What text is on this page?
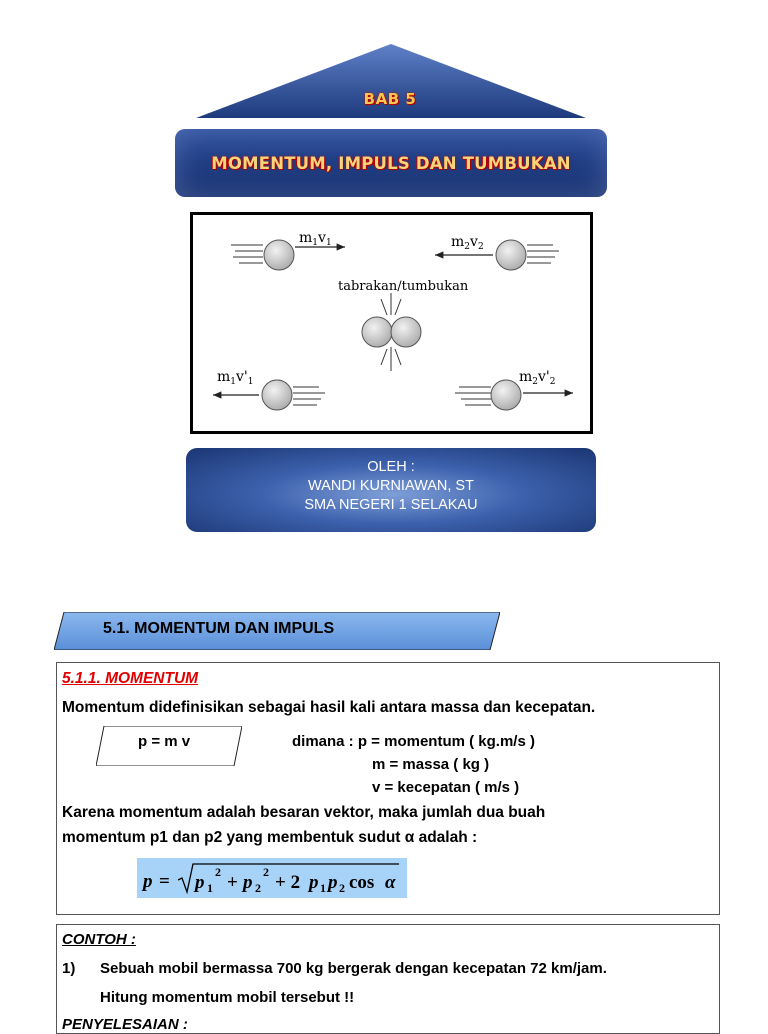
BAB 5
MOMENTUM, IMPULS DAN TUMBUKAN
$m_1v_1$	$m_2v_2$
tabrakan/tumbukan
$m_1v'_1$	$m_2v'_2$
OLEH :
WANDI KURNIAWAN, ST
SMA NEGERI 1 SELAKAU
5.1. MOMENTUM DAN IMPULS
5.1.1. MOMENTUM
Momentum didefinisikan sebagai hasil kali antara massa dan kecepatan.
p = m v	dimana : p = momentum ( kg.m/s )
m = massa ( kg )
v = kecepatan ( m/s )
Karena momentum adalah besaran vektor, maka jumlah dua buah
momentum p1 dan p2 yang membentuk sudut α adalah :
p = p 1
2 + p 2
2 + 2 p 1 p 2 cos α
CONTOH :
1) Sebuah mobil bermassa 700 kg bergerak dengan kecepatan 72 km/jam.
Hitung momentum mobil tersebut !!
PENYELESAIAN :
